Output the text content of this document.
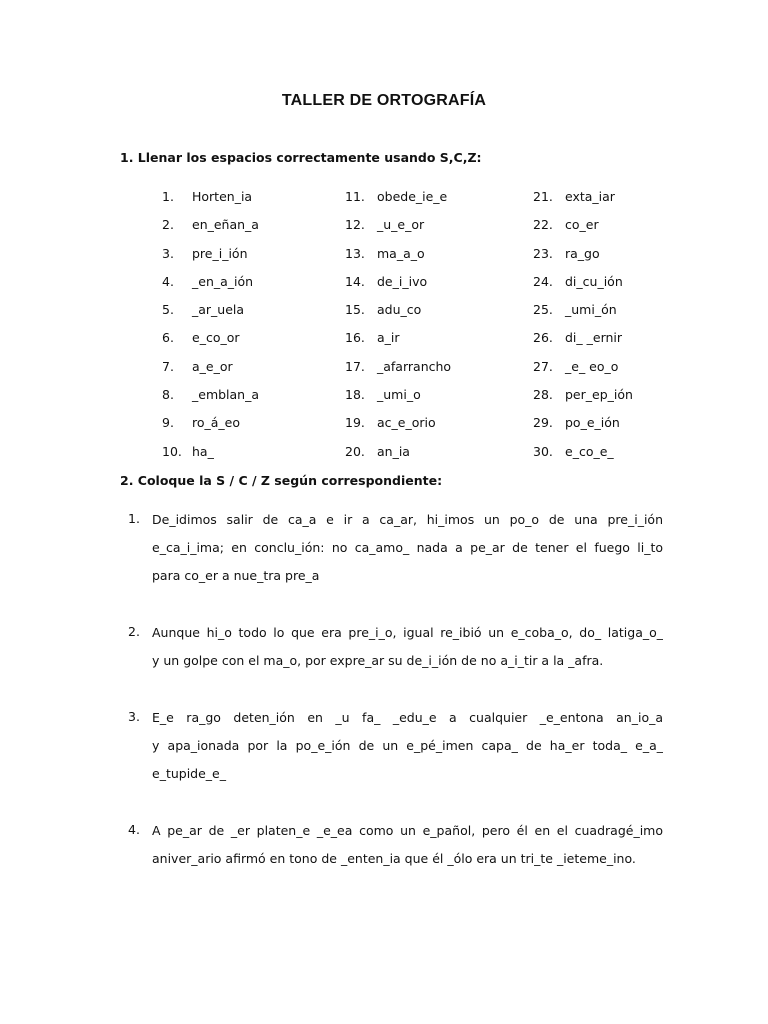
TALLER DE ORTOGRAFÍA
1. Llenar los espacios correctamente usando S,C,Z:
1.	Horten_ia
2.	en_eñan_a
3.	pre_i_ión
4.	_en_a_ión
5.	_ar_uela
6.	e_co_or
7.	a_e_or
8.	_emblan_a
9.	ro_á_eo
10. ha_
11. obede_ie_e
12. _u_e_or
13. ma_a_o
14. de_i_ivo
15. adu_co
16. a_ir
17. _afarrancho
18. _umi_o
19. ac_e_orio
20. an_ia
21. exta_iar
22. co_er
23. ra_go
24. di_cu_ión
25. _umi_ón
26. di_ _ernir
27. _e_ eo_o
28. per_ep_ión
29. po_e_ión
30. e_co_e_
2. Coloque la S / C / Z según correspondiente:
1. De_idimos salir de ca_a e ir a ca_ar, hi_imos un po_o de una pre_i_ión
e_ca_i_ima; en conclu_ión: no ca_amo_ nada a pe_ar de tener el fuego li_to
para co_er a nue_tra pre_a
2. Aunque hi_o todo lo que era pre_i_o, igual re_ibió un e_coba_o, do_ latiga_o_
y un golpe con el ma_o, por expre_ar su de_i_ión de no a_i_tir a la _afra.
3. E_e ra_go deten_ión en _u fa_ _edu_e a cualquier _e_entona an_io_a
y apa_ionada por la po_e_ión de un e_pé_imen capa_ de ha_er toda_ e_a_
e_tupide_e_
4. A pe_ar de _er platen_e _e_ea como un e_pañol, pero él en el cuadragé_imo
aniver_ario afirmó en tono de _enten_ia que él _ólo era un tri_te _ieteme_ino.
